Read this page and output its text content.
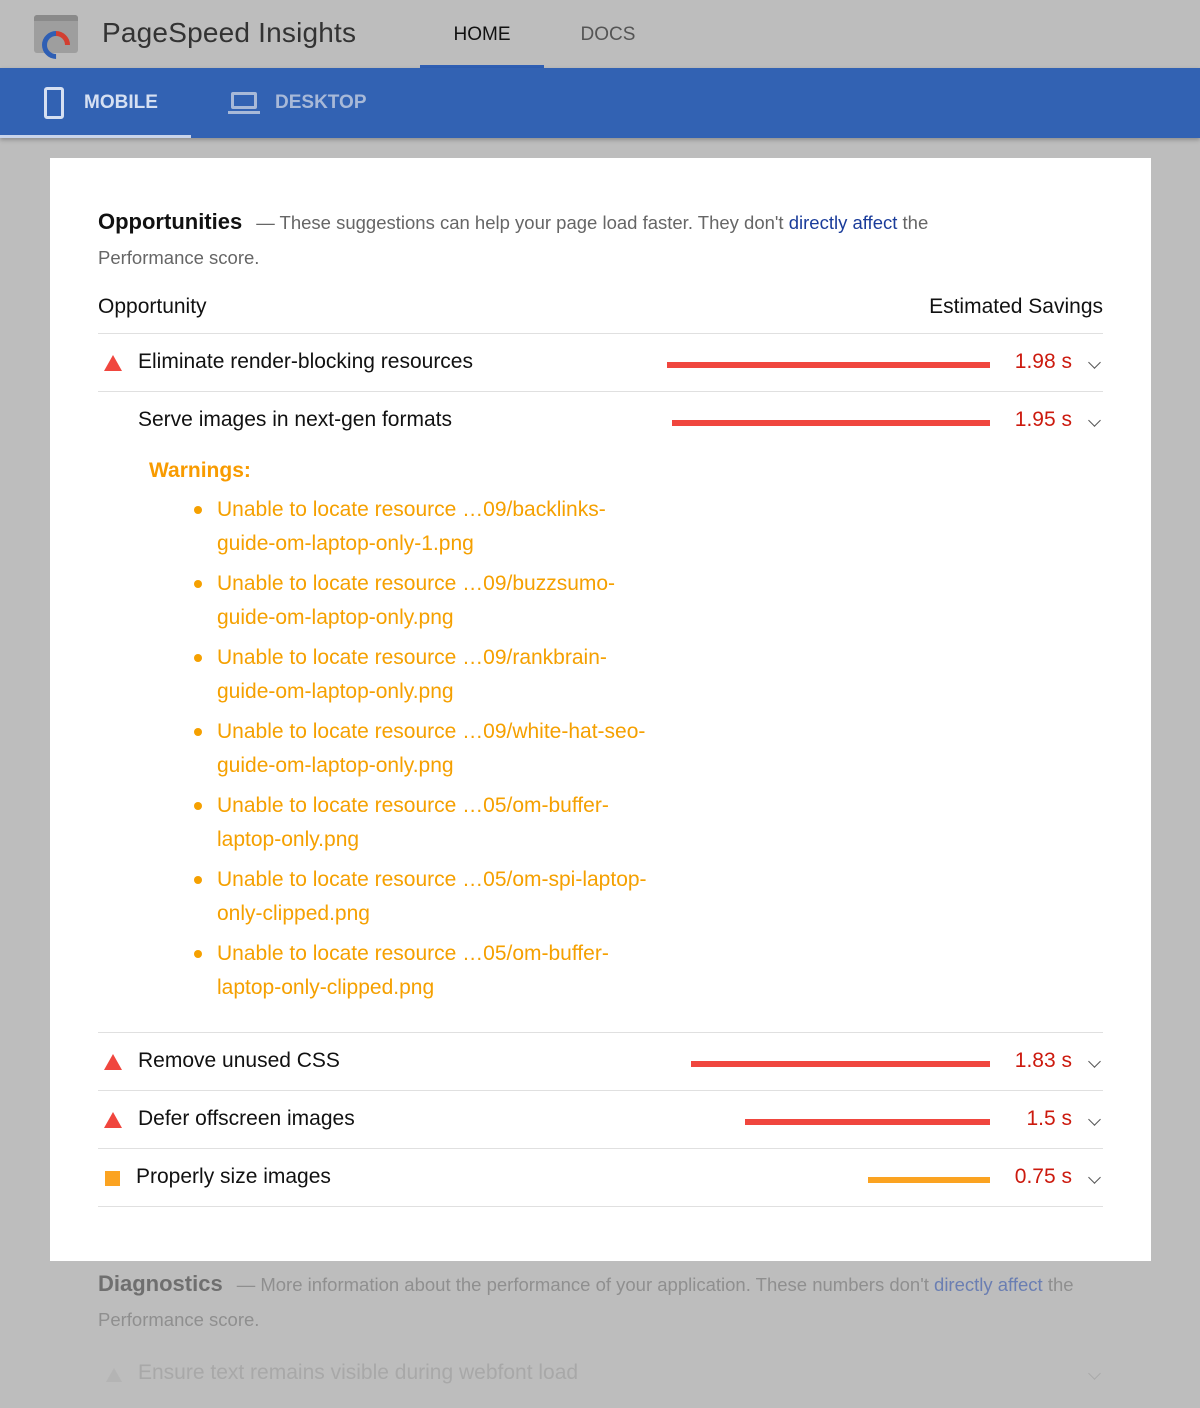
PageSpeed Insights	HOME	DOCS
MOBILE	DESKTOP
Opportunities — These suggestions can help your page load faster. They don't directly affect the Performance score.
Opportunity	Estimated Savings
Eliminate render-blocking resources	1.98 s
Serve images in next-gen formats	1.95 s
Warnings:
Unable to locate resource …09/backlinks-guide-om-laptop-only-1.png
Unable to locate resource …09/buzzsumo-guide-om-laptop-only.png
Unable to locate resource …09/rankbrain-guide-om-laptop-only.png
Unable to locate resource …09/white-hat-seo-guide-om-laptop-only.png
Unable to locate resource …05/om-buffer-laptop-only.png
Unable to locate resource …05/om-spi-laptop-only-clipped.png
Unable to locate resource …05/om-buffer-laptop-only-clipped.png
Remove unused CSS	1.83 s
Defer offscreen images	1.5 s
Properly size images	0.75 s
Diagnostics — More information about the performance of your application. These numbers don't directly affect the Performance score.
Ensure text remains visible during webfont load
